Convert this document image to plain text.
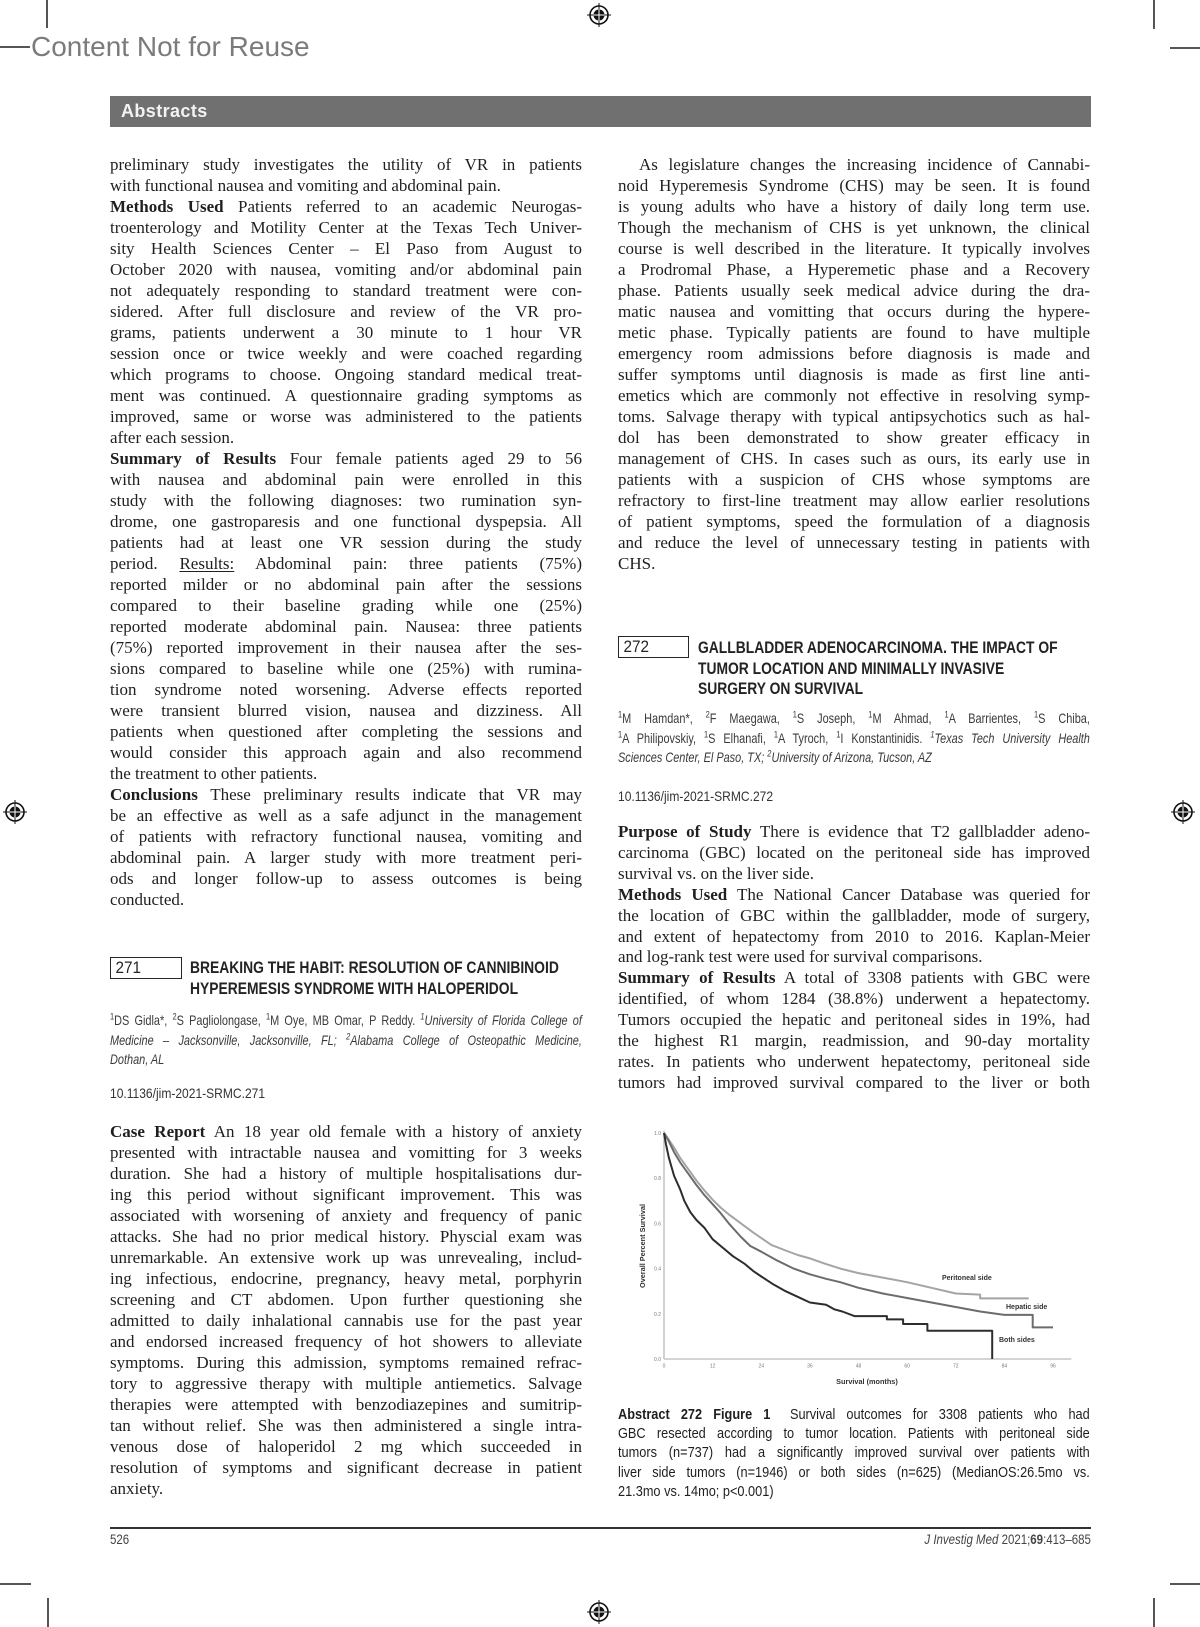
Content Not for Reuse
Abstracts
preliminary study investigates the utility of VR in patients
with functional nausea and vomiting and abdominal pain.
Methods Used Patients referred to an academic Neurogas-
troenterology and Motility Center at the Texas Tech Univer-
sity Health Sciences Center – El Paso from August to
October 2020 with nausea, vomiting and/or abdominal pain
not adequately responding to standard treatment were con-
sidered. After full disclosure and review of the VR pro-
grams, patients underwent a 30 minute to 1 hour VR
session once or twice weekly and were coached regarding
which programs to choose. Ongoing standard medical treat-
ment was continued. A questionnaire grading symptoms as
improved, same or worse was administered to the patients
after each session.
Summary of Results Four female patients aged 29 to 56
with nausea and abdominal pain were enrolled in this
study with the following diagnoses: two rumination syn-
drome, one gastroparesis and one functional dyspepsia. All
patients had at least one VR session during the study
period. Results: Abdominal pain: three patients (75%)
reported milder or no abdominal pain after the sessions
compared to their baseline grading while one (25%)
reported moderate abdominal pain. Nausea: three patients
(75%) reported improvement in their nausea after the ses-
sions compared to baseline while one (25%) with rumina-
tion syndrome noted worsening. Adverse effects reported
were transient blurred vision, nausea and dizziness. All
patients when questioned after completing the sessions and
would consider this approach again and also recommend
the treatment to other patients.
Conclusions These preliminary results indicate that VR may
be an effective as well as a safe adjunct in the management
of patients with refractory functional nausea, vomiting and
abdominal pain. A larger study with more treatment peri-
ods and longer follow-up to assess outcomes is being
conducted.
271	BREAKING THE HABIT: RESOLUTION OF CANNIBINOID
HYPEREMESIS SYNDROME WITH HALOPERIDOL
$^1$DS Gidla*, $^2$S Pagliolongase, $^1$M Oye, MB Omar, P Reddy. $^1$University of Florida College of
Medicine – Jacksonville, Jacksonville, FL; $^2$Alabama College of Osteopathic Medicine,
Dothan, AL
10.1136/jim-2021-SRMC.271
Case Report An 18 year old female with a history of anxiety
presented with intractable nausea and vomitting for 3 weeks
duration. She had a history of multiple hospitalisations dur-
ing this period without significant improvement. This was
associated with worsening of anxiety and frequency of panic
attacks. She had no prior medical history. Physcial exam was
unremarkable. An extensive work up was unrevealing, includ-
ing infectious, endocrine, pregnancy, heavy metal, porphyrin
screening and CT abdomen. Upon further questioning she
admitted to daily inhalational cannabis use for the past year
and endorsed increased frequency of hot showers to alleviate
symptoms. During this admission, symptoms remained refrac-
tory to aggressive therapy with multiple antiemetics. Salvage
therapies were attempted with benzodiazepines and sumitrip-
tan without relief. She was then administered a single intra-
venous dose of haloperidol 2 mg which succeeded in
resolution of symptoms and significant decrease in patient
anxiety.
As legislature changes the increasing incidence of Cannabi-
noid Hyperemesis Syndrome (CHS) may be seen. It is found
is young adults who have a history of daily long term use.
Though the mechanism of CHS is yet unknown, the clinical
course is well described in the literature. It typically involves
a Prodromal Phase, a Hyperemetic phase and a Recovery
phase. Patients usually seek medical advice during the dra-
matic nausea and vomitting that occurs during the hypere-
metic phase. Typically patients are found to have multiple
emergency room admissions before diagnosis is made and
suffer symptoms until diagnosis is made as first line anti-
emetics which are commonly not effective in resolving symp-
toms. Salvage therapy with typical antipsychotics such as hal-
dol has been demonstrated to show greater efficacy in
management of CHS. In cases such as ours, its early use in
patients with a suspicion of CHS whose symptoms are
refractory to first-line treatment may allow earlier resolutions
of patient symptoms, speed the formulation of a diagnosis
and reduce the level of unnecessary testing in patients with
CHS.
272	GALLBLADDER ADENOCARCINOMA. THE IMPACT OF
TUMOR LOCATION AND MINIMALLY INVASIVE
SURGERY ON SURVIVAL
$^1$M Hamdan*, $^2$F Maegawa, $^1$S Joseph, $^1$M Ahmad, $^1$A Barrientes, $^1$S Chiba,
$^1$A Philipovskiy, $^1$S Elhanafi, $^1$A Tyroch, $^1$I Konstantinidis. $^1$Texas Tech University Health
Sciences Center, El Paso, TX; $^2$University of Arizona, Tucson, AZ
10.1136/jim-2021-SRMC.272
Purpose of Study There is evidence that T2 gallbladder adeno-
carcinoma (GBC) located on the peritoneal side has improved
survival vs. on the liver side.
Methods Used The National Cancer Database was queried for
the location of GBC within the gallbladder, mode of surgery,
and extent of hepatectomy from 2010 to 2016. Kaplan-Meier
and log-rank test were used for survival comparisons.
Summary of Results A total of 3308 patients with GBC were
identified, of whom 1284 (38.8%) underwent a hepatectomy.
Tumors occupied the hepatic and peritoneal sides in 19%, had
the highest R1 margin, readmission, and 90-day mortality
rates. In patients who underwent hepatectomy, peritoneal side
tumors had improved survival compared to the liver or both
0	12	24	36	48	60	72	84	96
0.0
0.2
0.4
0.6
0.8
1.0
Overall Percent Survival
Survival (months)
Peritoneal side
Hepatic side
Both sides
Abstract 272 Figure 1 Survival outcomes for 3308 patients who had
GBC resected according to tumor location. Patients with peritoneal side
tumors (n=737) had a significantly improved survival over patients with
liver side tumors (n=1946) or both sides (n=625) (MedianOS:26.5mo vs.
21.3mo vs. 14mo; p<0.001)
526	J Investig Med 2021;69:413–685
